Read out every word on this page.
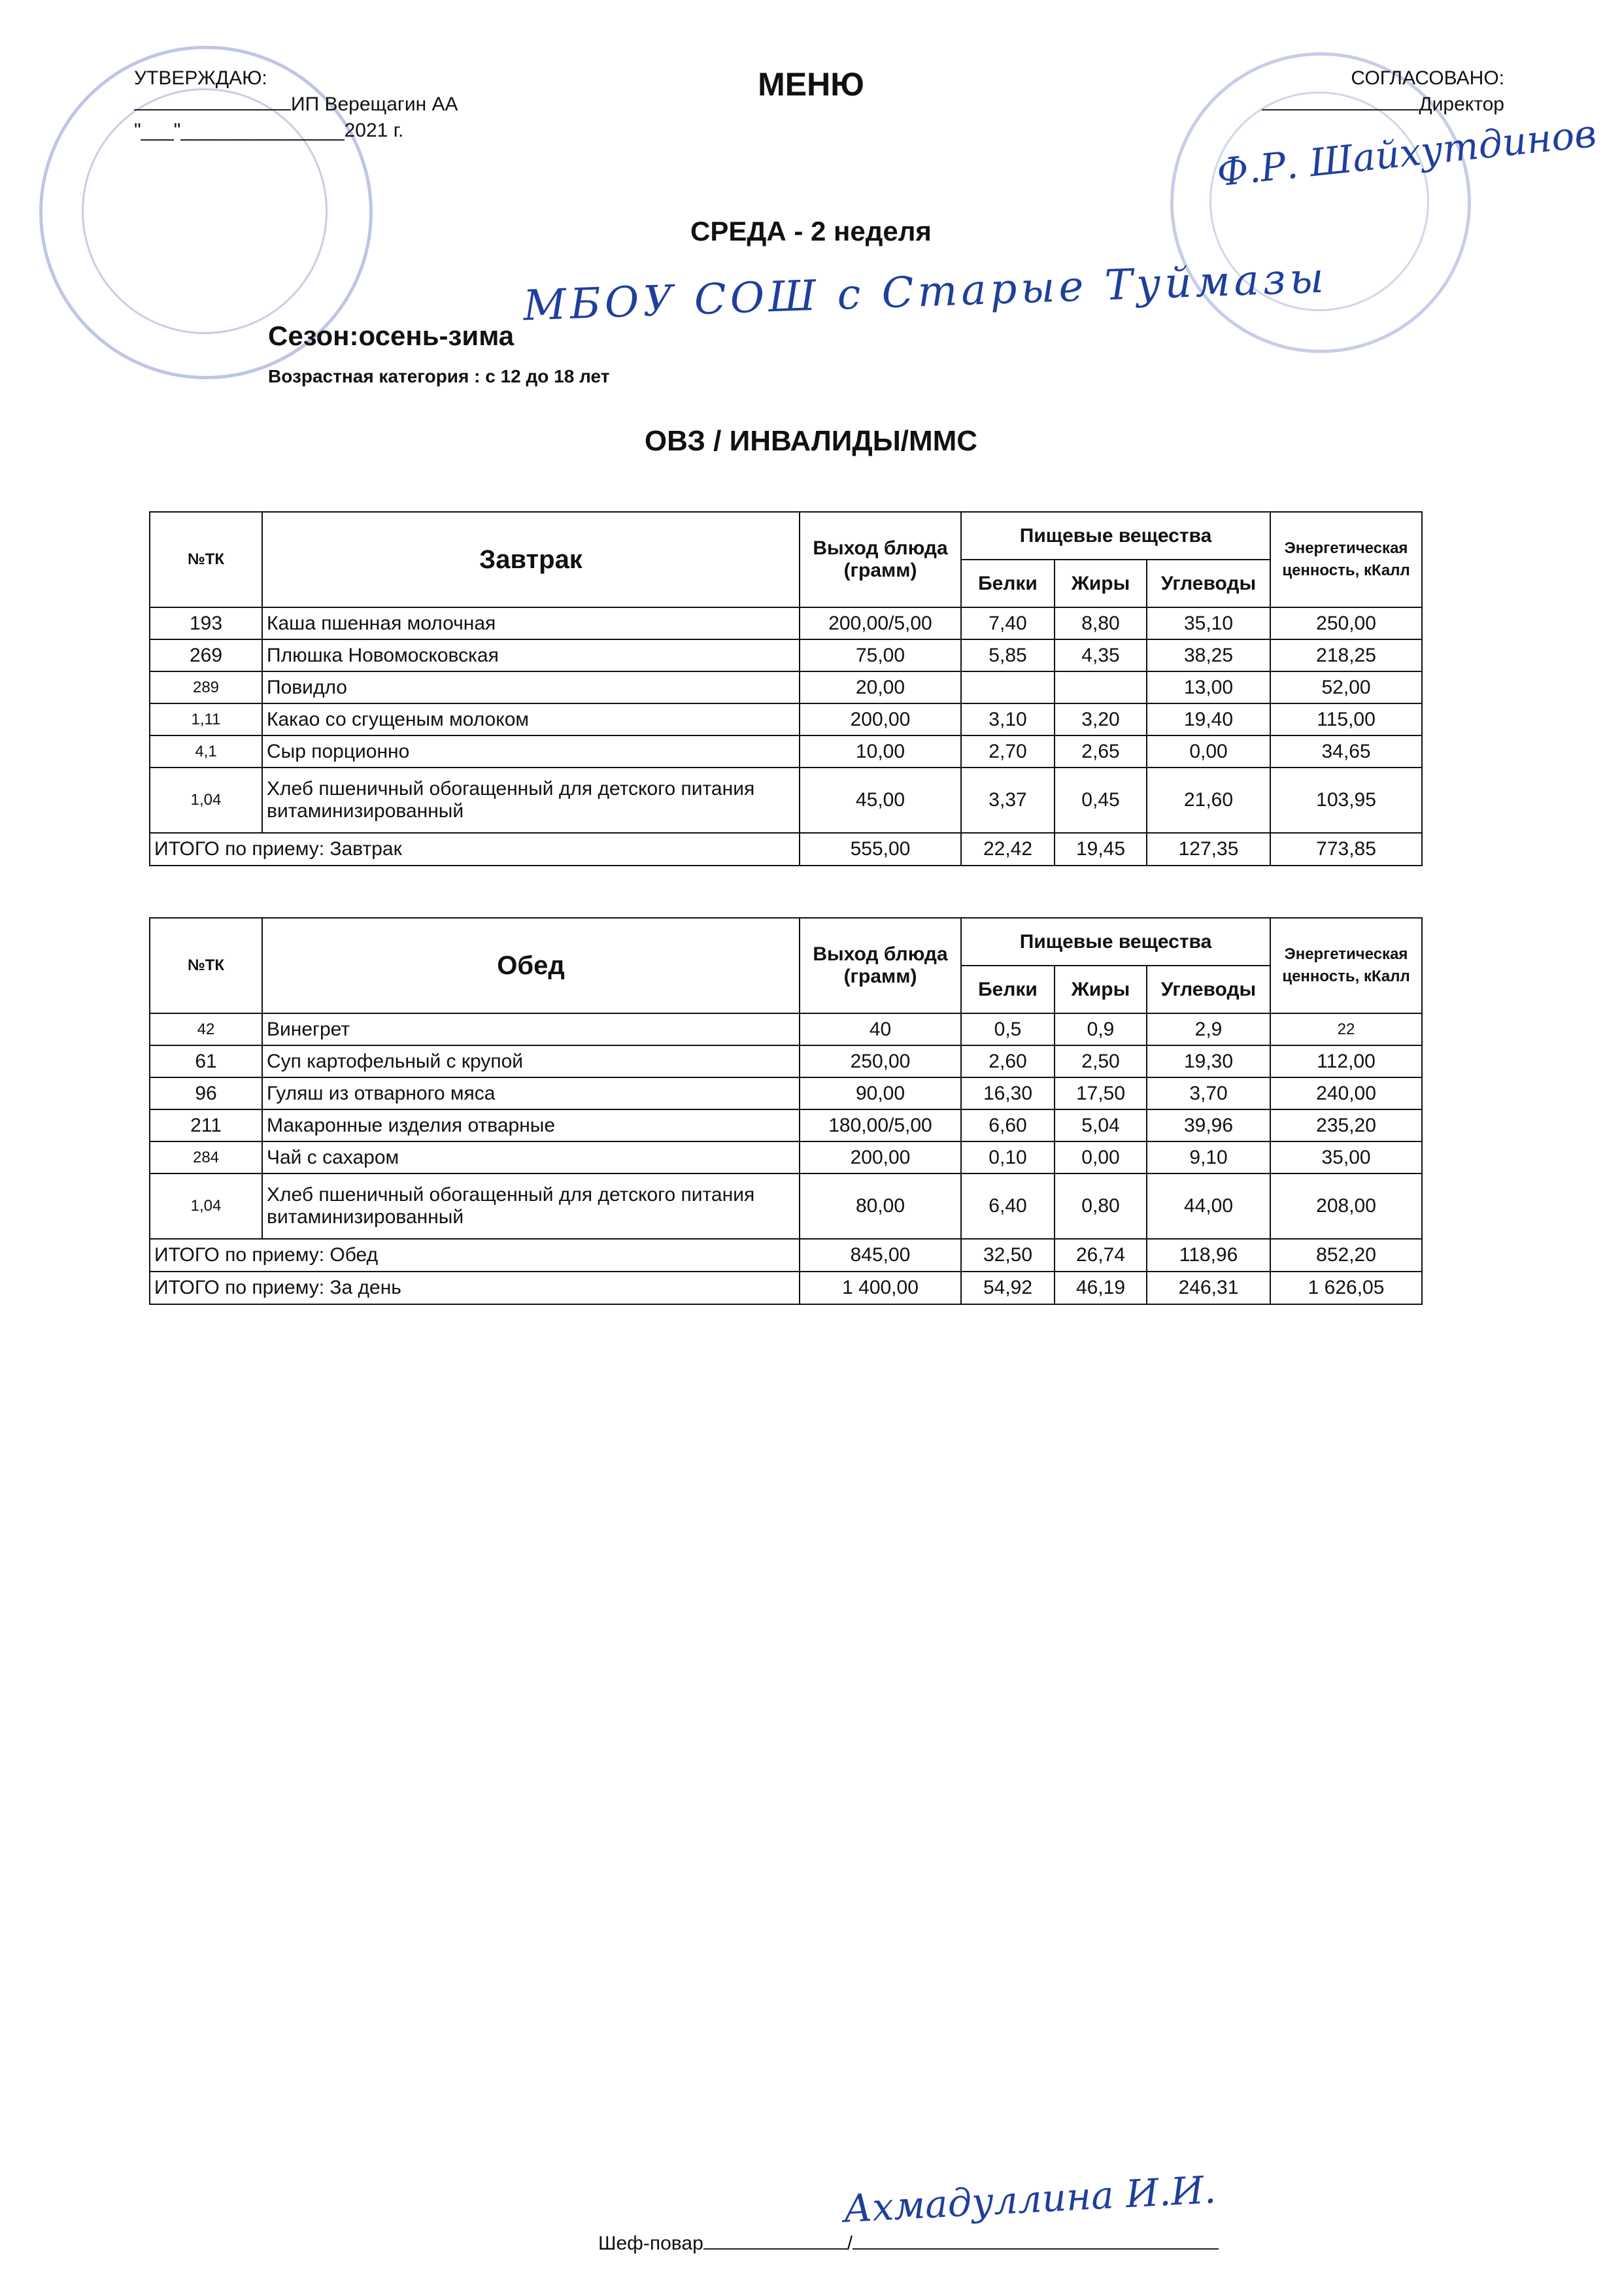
УТВЕРЖДАЮ:
ИП Верещагин АА
"___"_______________2021 г.
МЕНЮ	СОГЛАСОВАНО:
Директор
Ф.Р. Шайхутдинов
СРЕДА - 2 неделя
МБОУ СОШ с Старые Туймазы
Сезон:осень-зима
Возрастная категория : с 12 до 18 лет
ОВЗ / ИНВАЛИДЫ/ММС
№ТК	Завтрак	Выход блюда (грамм)	Пищевые вещества			Энергетическая ценность, кКалл
			Белки	Жиры	Углеводы	
193	Каша пшенная молочная	200,00/5,00	7,40	8,80	35,10	250,00
269	Плюшка Новомосковская	75,00	5,85	4,35	38,25	218,25
289	Повидло	20,00			13,00	52,00
1,11	Какао со сгущеным молоком	200,00	3,10	3,20	19,40	115,00
4,1	Сыр порционно	10,00	2,70	2,65	0,00	34,65
1,04	Хлеб пшеничный обогащенный для детского питания витаминизированный	45,00	3,37	0,45	21,60	103,95
ИТОГО по приему: Завтрак		555,00	22,42	19,45	127,35	773,85
№ТК	Обед	Выход блюда (грамм)	Пищевые вещества			Энергетическая ценность, кКалл
			Белки	Жиры	Углеводы	
42	Винегрет	40	0,5	0,9	2,9	22
61	Суп картофельный с крупой	250,00	2,60	2,50	19,30	112,00
96	Гуляш из отварного мяса	90,00	16,30	17,50	3,70	240,00
211	Макаронные изделия отварные	180,00/5,00	6,60	5,04	39,96	235,20
284	Чай с сахаром	200,00	0,10	0,00	9,10	35,00
1,04	Хлеб пшеничный обогащенный для детского питания витаминизированный	80,00	6,40	0,80	44,00	208,00
ИТОГО по приему: Обед		845,00	32,50	26,74	118,96	852,20
ИТОГО по приему: За день		1 400,00	54,92	46,19	246,31	1 626,05
Шеф-повар	/
Ахмадуллина И.И.
